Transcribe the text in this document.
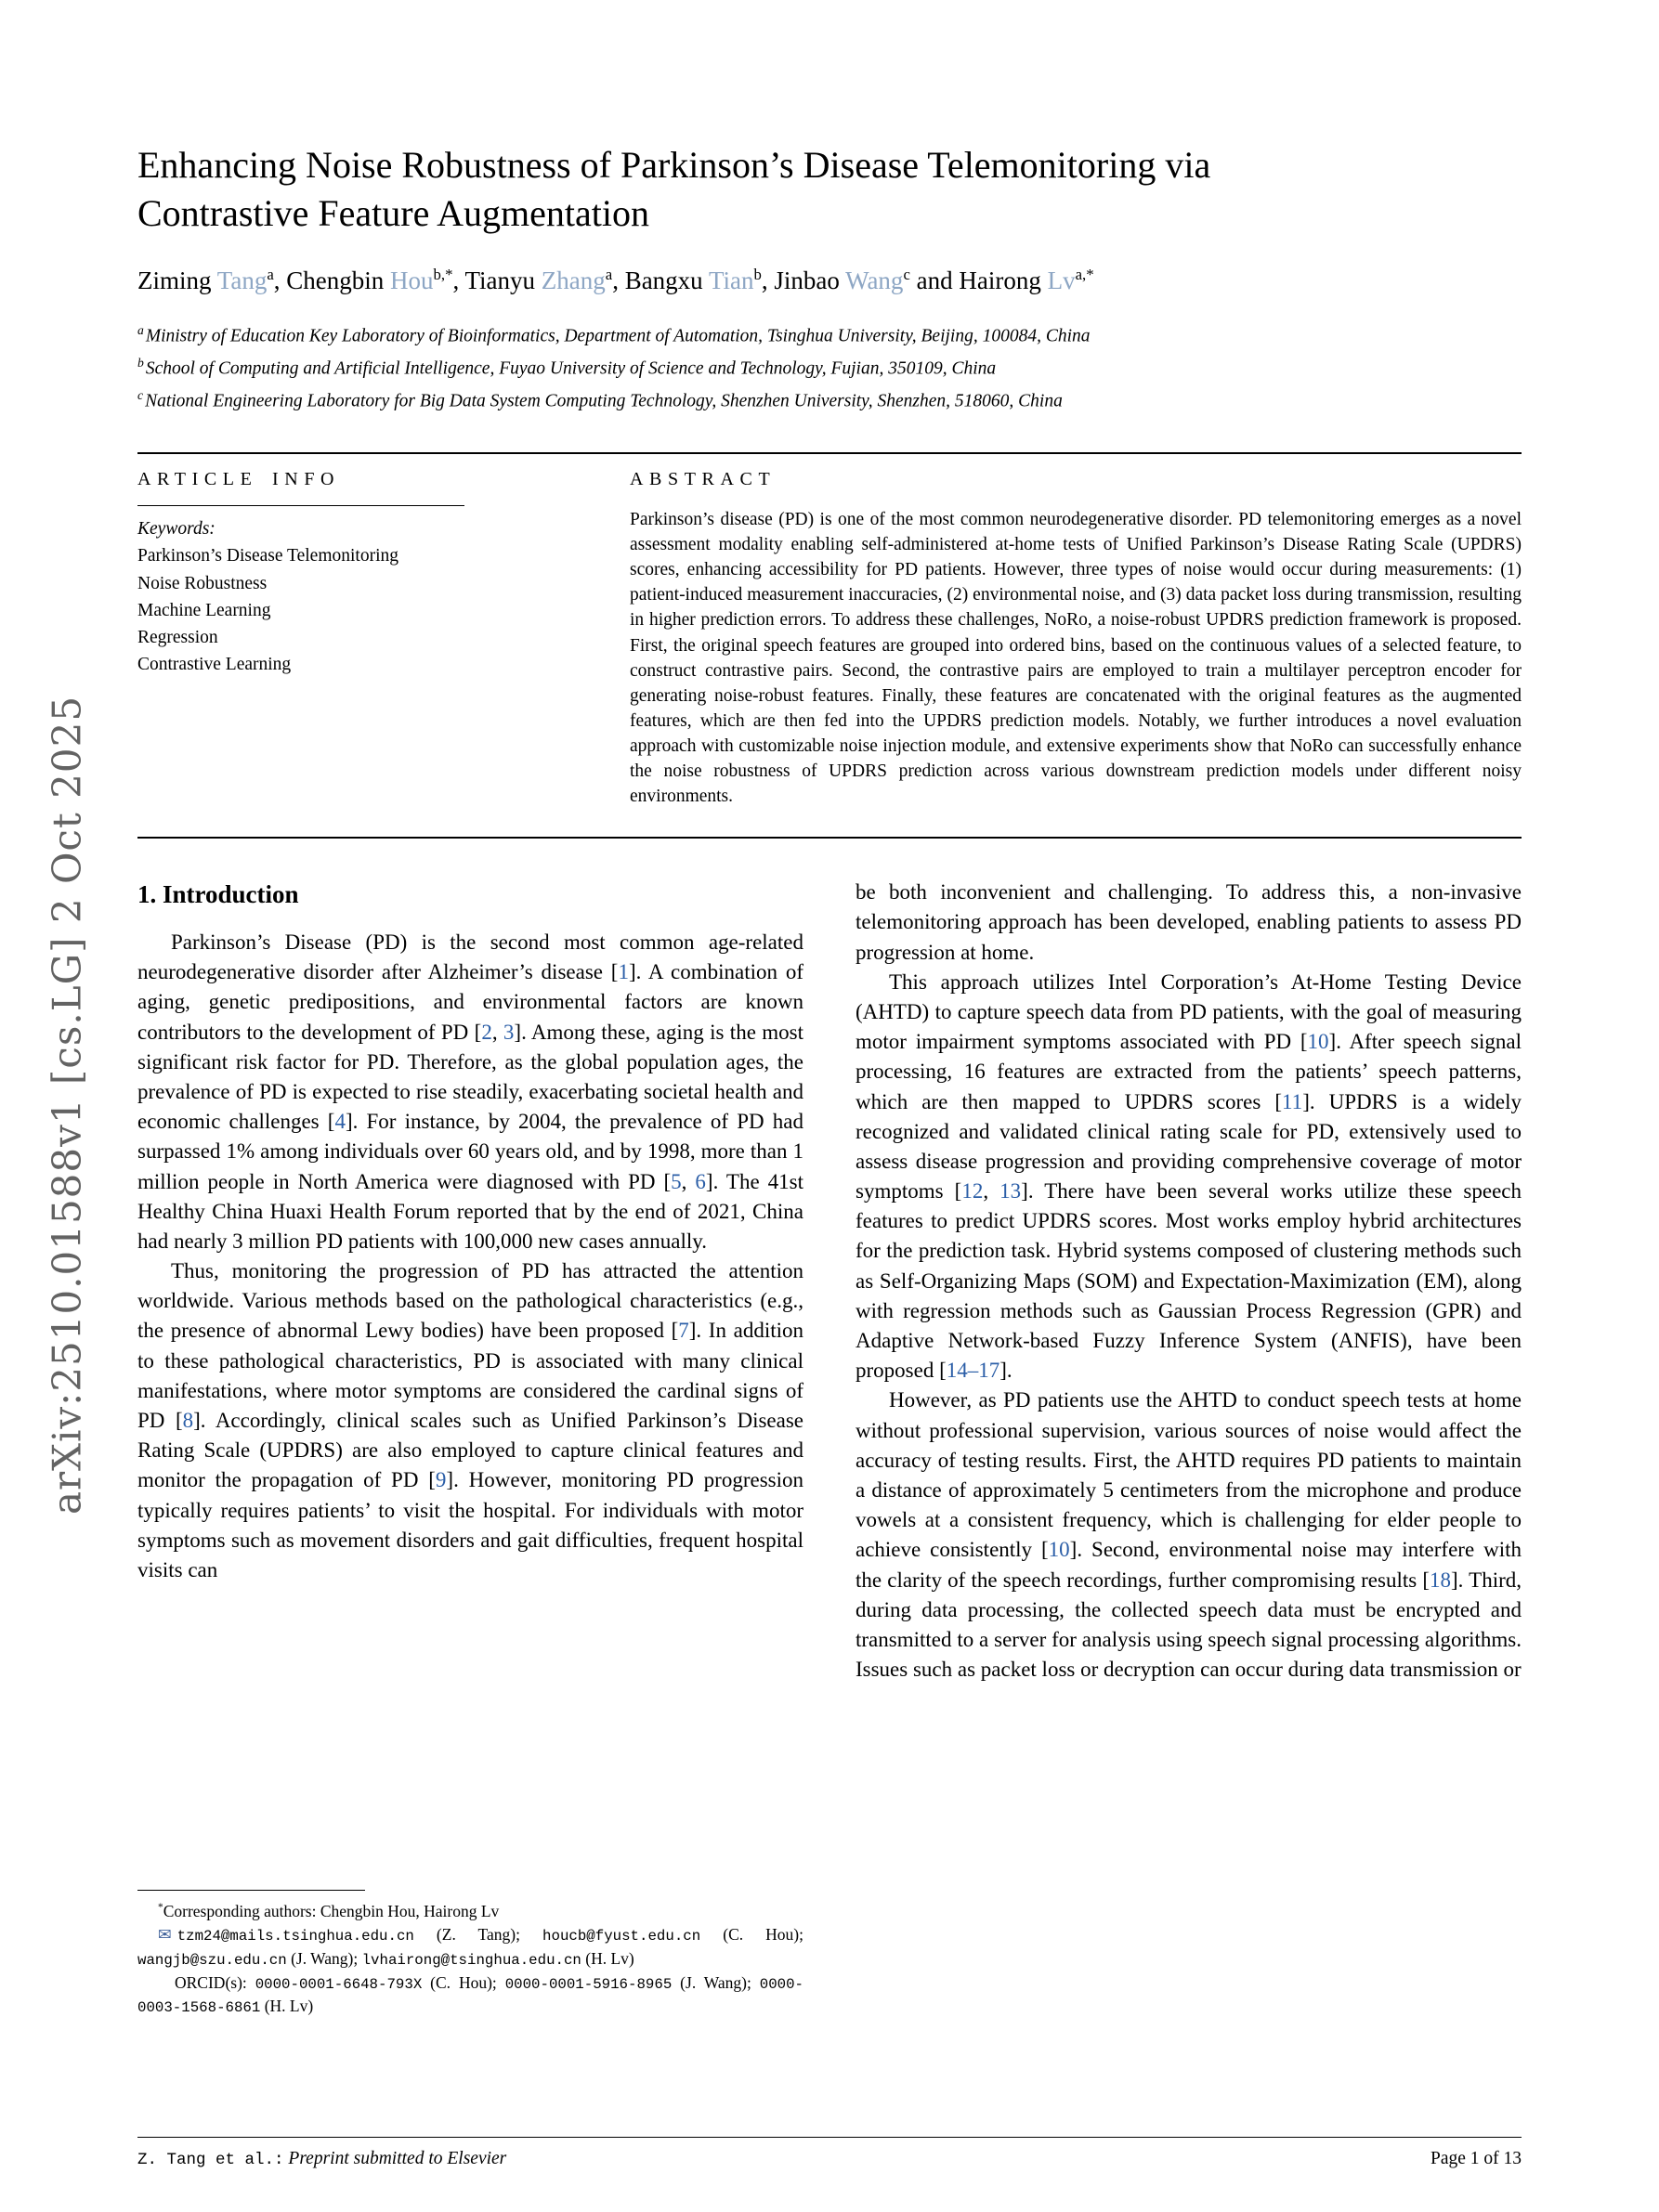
arXiv:2510.01588v1 [cs.LG] 2 Oct 2025
Enhancing Noise Robustness of Parkinson’s Disease Telemonitoring via Contrastive Feature Augmentation
Ziming Tang$^a$, Chengbin Hou$^{b,*}$, Tianyu Zhang$^a$, Bangxu Tian$^b$, Jinbao Wang$^c$ and Hairong $Lv^{a,*}$
$^a$ Ministry of Education Key Laboratory of Bioinformatics, Department of Automation, Tsinghua University, Beijing, 100084, China
$^b$ School of Computing and Artificial Intelligence, Fuyao University of Science and Technology, Fujian, 350109, China
$^c$ National Engineering Laboratory for Big Data System Computing Technology, Shenzhen University, Shenzhen, 518060, China
ARTICLE INFO
Keywords:
Parkinson’s Disease Telemonitoring
Noise Robustness
Machine Learning
Regression
Contrastive Learning
ABSTRACT

Parkinson’s disease (PD) is one of the most common neurodegenerative disorder. PD telemonitoring emerges as a novel assessment modality enabling self-administered at-home tests of Unified Parkinson’s Disease Rating Scale (UPDRS) scores, enhancing accessibility for PD patients. However, three types of noise would occur during measurements: (1) patient-induced measurement inaccuracies, (2) environmental noise, and (3) data packet loss during transmission, resulting in higher prediction errors. To address these challenges, NoRo, a noise-robust UPDRS prediction framework is proposed. First, the original speech features are grouped into ordered bins, based on the continuous values of a selected feature, to construct contrastive pairs. Second, the contrastive pairs are employed to train a multilayer perceptron encoder for generating noise-robust features. Finally, these features are concatenated with the original features as the augmented features, which are then fed into the UPDRS prediction models. Notably, we further introduces a novel evaluation approach with customizable noise injection module, and extensive experiments show that NoRo can successfully enhance the noise robustness of UPDRS prediction across various downstream prediction models under different noisy environments.

1. Introduction

Parkinson’s Disease (PD) is the second most common age-related neurodegenerative disorder after Alzheimer’s disease [1]. A combination of aging, genetic predipositions, and environmental factors are known contributors to the development of PD [2, 3]. Among these, aging is the most significant risk factor for PD. Therefore, as the global population ages, the prevalence of PD is expected to rise steadily, exacerbating societal health and economic challenges [4]. For instance, by 2004, the prevalence of PD had surpassed 1% among individuals over 60 years old, and by 1998, more than 1 million people in North America were diagnosed with PD [5, 6]. The 41st Healthy China Huaxi Health Forum reported that by the end of 2021, China had nearly 3 million PD patients with 100,000 new cases annually.

Thus, monitoring the progression of PD has attracted the attention worldwide. Various methods based on the pathological characteristics (e.g., the presence of abnormal Lewy bodies) have been proposed [7]. In addition to these pathological characteristics, PD is associated with many clinical manifestations, where motor symptoms are considered the cardinal signs of PD [8]. Accordingly, clinical scales such as Unified Parkinson’s Disease Rating Scale (UPDRS) are also employed to capture clinical features and monitor the propagation of PD [9]. However, monitoring PD progression typically requires patients’ to visit the hospital. For individuals with motor symptoms such as movement disorders and gait difficulties, frequent hospital visits can

*Corresponding authors: Chengbin Hou, Hairong Lv
✉ tzm24@mails.tsinghua.edu.cn (Z. Tang); houcb@fyust.edu.cn (C. Hou); wangjb@szu.edu.cn (J. Wang); lvhairong@tsinghua.edu.cn (H. Lv)
ORCID(s): 0000-0001-6648-793X (C. Hou); 0000-0001-5916-8965 (J. Wang); 0000-0003-1568-6861 (H. Lv)

be both inconvenient and challenging. To address this, a non-invasive telemonitoring approach has been developed, enabling patients to assess PD progression at home.

This approach utilizes Intel Corporation’s At-Home Testing Device (AHTD) to capture speech data from PD patients, with the goal of measuring motor impairment symptoms associated with PD [10]. After speech signal processing, 16 features are extracted from the patients’ speech patterns, which are then mapped to UPDRS scores [11]. UPDRS is a widely recognized and validated clinical rating scale for PD, extensively used to assess disease progression and providing comprehensive coverage of motor symptoms [12, 13]. There have been several works utilize these speech features to predict UPDRS scores. Most works employ hybrid architectures for the prediction task. Hybrid systems composed of clustering methods such as Self-Organizing Maps (SOM) and Expectation-Maximization (EM), along with regression methods such as Gaussian Process Regression (GPR) and Adaptive Network-based Fuzzy Inference System (ANFIS), have been proposed [14–17].

However, as PD patients use the AHTD to conduct speech tests at home without professional supervision, various sources of noise would affect the accuracy of testing results. First, the AHTD requires PD patients to maintain a distance of approximately 5 centimeters from the microphone and produce vowels at a consistent frequency, which is challenging for elder people to achieve consistently [10]. Second, environmental noise may interfere with the clarity of the speech recordings, further compromising results [18]. Third, during data processing, the collected speech data must be encrypted and transmitted to a server for analysis using speech signal processing algorithms. Issues such as packet loss or decryption can occur during data transmission or

Z. Tang et al.: Preprint submitted to Elsevier	Page 1 of 13
